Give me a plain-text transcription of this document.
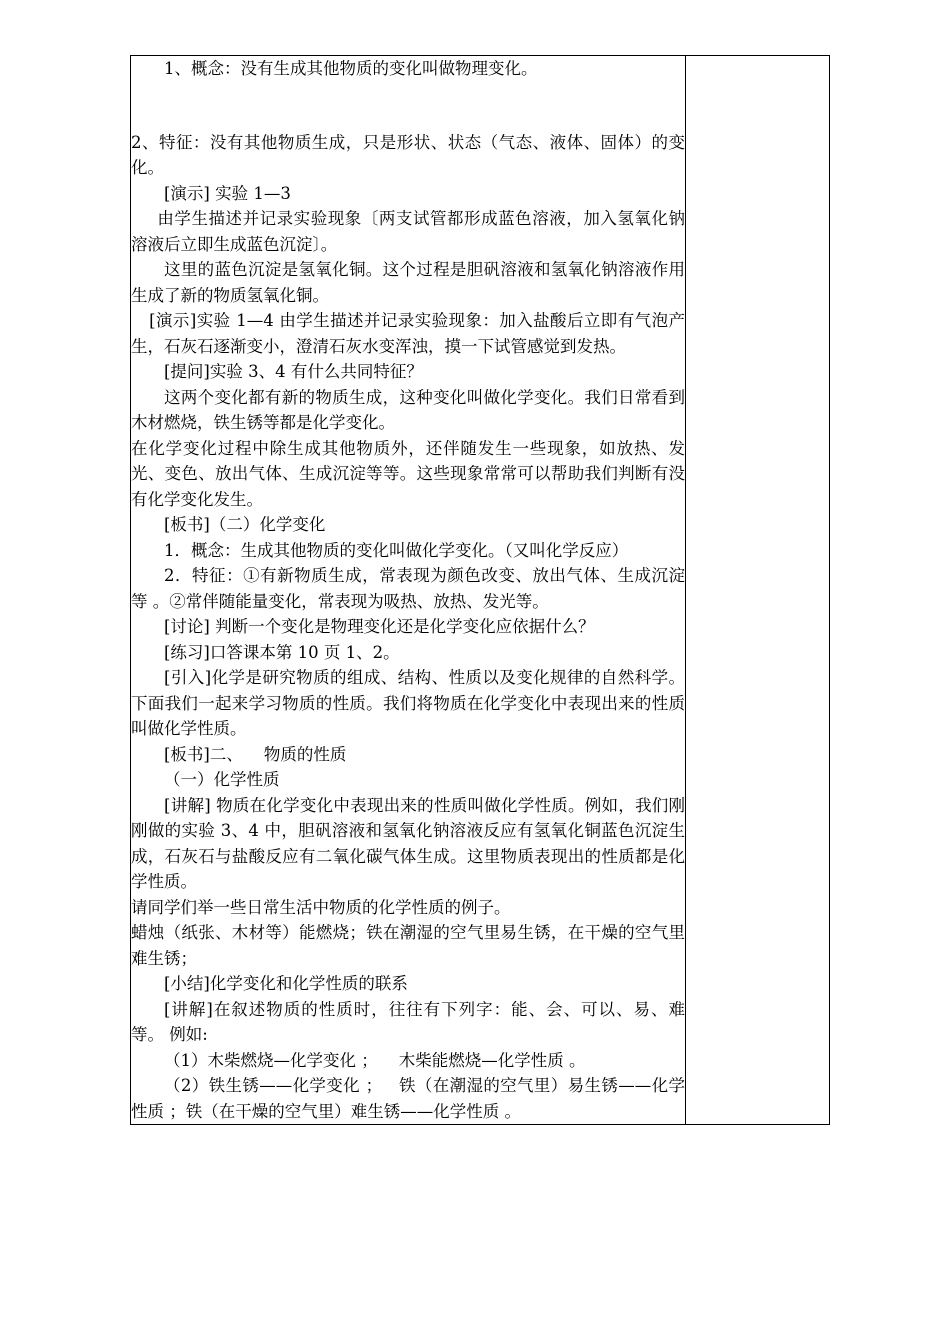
1、概念：没有生成其他物质的变化叫做物理变化。

2、特征：没有其他物质生成，只是形状、状态（气态、液体、固体）的变化。

[演示] 实验 1—3

由学生描述并记录实验现象〔两支试管都形成蓝色溶液，加入氢氧化钠溶液后立即生成蓝色沉淀〕。

这里的蓝色沉淀是氢氧化铜。这个过程是胆矾溶液和氢氧化钠溶液作用生成了新的物质氢氧化铜。

[演示]实验 1—4 由学生描述并记录实验现象：加入盐酸后立即有气泡产生，石灰石逐渐变小，澄清石灰水变浑浊，摸一下试管感觉到发热。

[提问]实验 3、4 有什么共同特征？

这两个变化都有新的物质生成，这种变化叫做化学变化。我们日常看到木材燃烧，铁生锈等都是化学变化。

在化学变化过程中除生成其他物质外，还伴随发生一些现象，如放热、发光、变色、放出气体、生成沉淀等等。这些现象常常可以帮助我们判断有没有化学变化发生。

[板书]（二）化学变化

1．概念：生成其他物质的变化叫做化学变化。（又叫化学反应）

2．特征：①有新物质生成，常表现为颜色改变、放出气体、生成沉淀等 。②常伴随能量变化，常表现为吸热、放热、发光等。

[讨论] 判断一个变化是物理变化还是化学变化应依据什么？

[练习]口答课本第 10 页 1、2。

[引入]化学是研究物质的组成、结构、性质以及变化规律的自然科学。下面我们一起来学习物质的性质。我们将物质在化学变化中表现出来的性质叫做化学性质。

[板书]二、    物质的性质

（一）化学性质

[讲解] 物质在化学变化中表现出来的性质叫做化学性质。例如，我们刚刚做的实验 3、4 中，胆矾溶液和氢氧化钠溶液反应有氢氧化铜蓝色沉淀生成，石灰石与盐酸反应有二氧化碳气体生成。这里物质表现出的性质都是化学性质。

请同学们举一些日常生活中物质的化学性质的例子。

蜡烛（纸张、木材等）能燃烧；铁在潮湿的空气里易生锈，在干燥的空气里难生锈；

[小结]化学变化和化学性质的联系

[讲解]在叙述物质的性质时，往往有下列字：能、会、可以、易、难等。 例如:

（1）木柴燃烧—化学变化 ；    木柴能燃烧—化学性质 。

（2）铁生锈——化学变化 ；   铁（在潮湿的空气里）易生锈——化学性质 ；铁（在干燥的空气里）难生锈——化学性质 。
